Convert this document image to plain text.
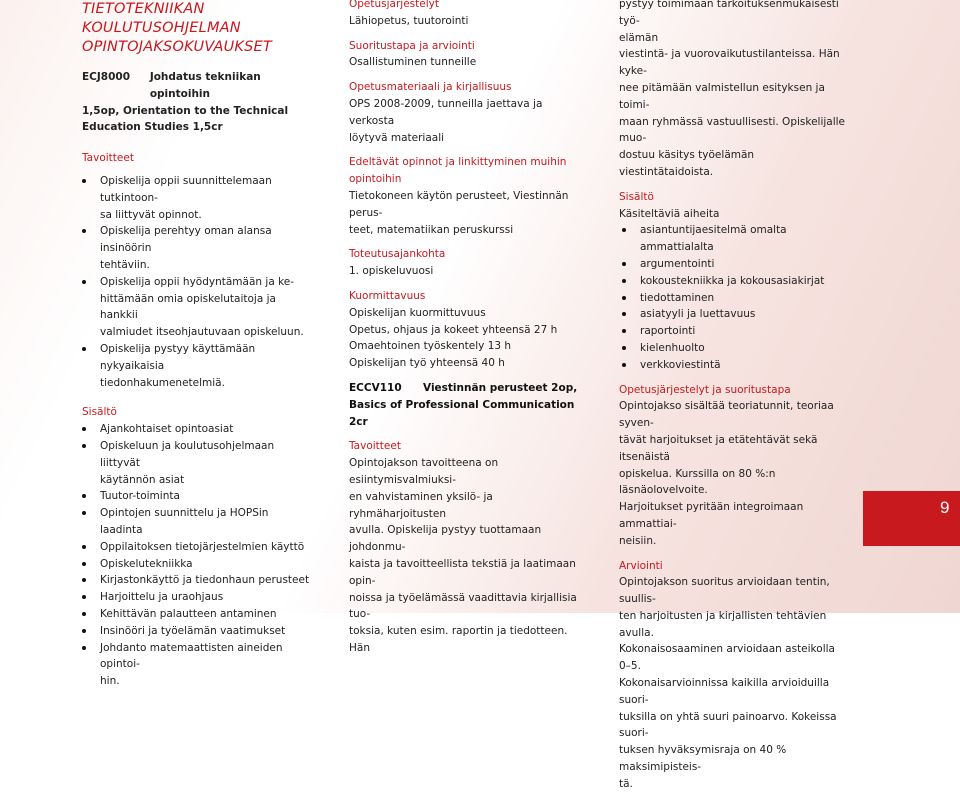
TIETOTEKNIIKAN
KOULUTUSOHJELMAN
OPINTOJAKSOKUVAUKSET
ECJ8000	Johdatus tekniikan opintoihin
1,5op, Orientation to the Technical
Education Studies 1,5cr
Tavoitteet
Opiskelija oppii suunnittelemaan tutkintoon-
sa liittyvät opinnot.
Opiskelija perehtyy oman alansa insinöörin
tehtäviin.
Opiskelija oppii hyödyntämään ja ke-
hittämään omia opiskelutaitoja ja hankkii
valmiudet itseohjautuvaan opiskeluun.
Opiskelija pystyy käyttämään nykyaikaisia
tiedonhakumenetelmiä.
Sisältö
Ajankohtaiset opintoasiat
Opiskeluun ja koulutusohjelmaan liittyvät
käytännön asiat
Tuutor-toiminta
Opintojen suunnittelu ja HOPSin laadinta
Oppilaitoksen tietojärjestelmien käyttö
Opiskelutekniikka
Kirjastonkäyttö ja tiedonhaun perusteet
Harjoittelu ja uraohjaus
Kehittävän palautteen antaminen
Insinööri ja työelämän vaatimukset
Johdanto matemaattisten aineiden opintoi-
hin.
Opetusjärjestelyt
Lähiopetus, tuutorointi
Suoritustapa ja arviointi
Osallistuminen tunneille
Opetusmateriaali ja kirjallisuus
OPS 2008-2009, tunneilla jaettava ja verkosta
löytyvä materiaali
Edeltävät opinnot ja linkittyminen muihin
opintoihin
Tietokoneen käytön perusteet, Viestinnän perus-
teet, matematiikan peruskurssi
Toteutusajankohta
1. opiskeluvuosi
Kuormittavuus
Opiskelijan kuormittuvuus
Opetus, ohjaus ja kokeet yhteensä 27 h
Omaehtoinen työskentely 13 h
Opiskelijan työ yhteensä 40 h
ECCV110	Viestinnän perusteet 2op,
Basics of Professional Communication 2cr
Tavoitteet
Opintojakson tavoitteena on esiintymisvalmiuksi-
en vahvistaminen yksilö- ja ryhmäharjoitusten
avulla. Opiskelija pystyy tuottamaan johdonmu-
kaista ja tavoitteellista tekstiä ja laatimaan opin-
noissa ja työelämässä vaadittavia kirjallisia tuo-
toksia, kuten esim. raportin ja tiedotteen. Hän
pystyy toimimaan tarkoituksenmukaisesti työ-
elämän
viestintä- ja vuorovaikutustilanteissa. Hän kyke-
nee pitämään valmistellun esityksen ja toimi-
maan ryhmässä vastuullisesti. Opiskelijalle muo-
dostuu käsitys työelämän viestintätaidoista.
Sisältö
Käsiteltäviä aiheita
asiantuntijaesitelmä omalta ammattialalta
argumentointi
kokoustekniikka ja kokousasiakirjat
tiedottaminen
asiatyyli ja luettavuus
raportointi
kielenhuolto
verkkoviestintä
Opetusjärjestelyt ja suoritustapa
Opintojakso sisältää teoriatunnit, teoriaa syven-
tävät harjoitukset ja etätehtävät sekä itsenäistä
opiskelua. Kurssilla on 80 %:n läsnäolovelvoite.
Harjoitukset pyritään integroimaan ammattiai-
neisiin.
Arviointi
Opintojakson suoritus arvioidaan tentin, suullis-
ten harjoitusten ja kirjallisten tehtävien avulla.
Kokonaisosaaminen arvioidaan asteikolla 0–5.
Kokonaisarvioinnissa kaikilla arvioiduilla suori-
tuksilla on yhtä suuri painoarvo. Kokeissa suori-
tuksen hyväksymisraja on 40 % maksimipisteis-
tä.
9
